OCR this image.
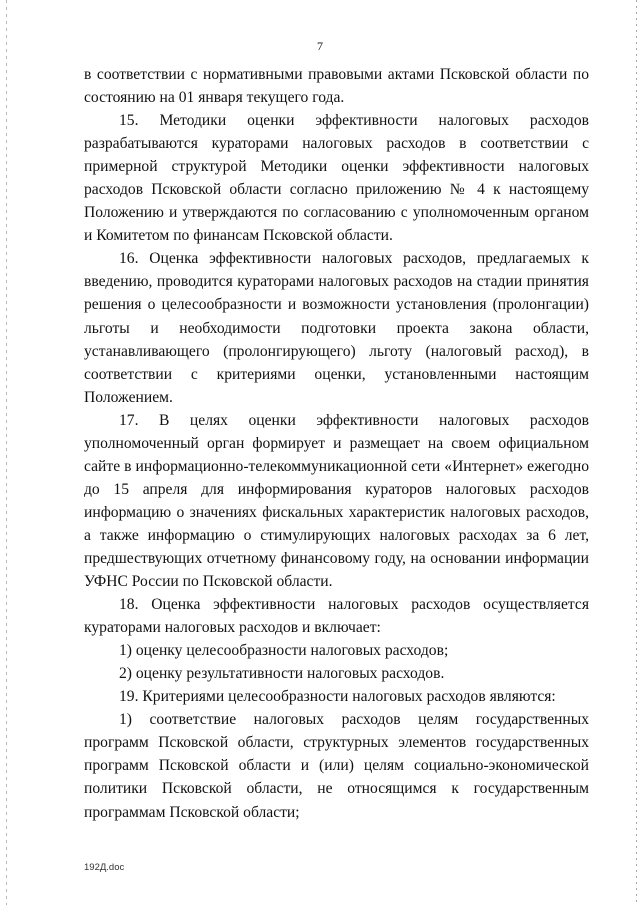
7

в соответствии с нормативными правовыми актами Псковской области по состоянию на 01 января текущего года.

15. Методики оценки эффективности налоговых расходов разрабатываются кураторами налоговых расходов в соответствии с примерной структурой Методики оценки эффективности налоговых расходов Псковской области согласно приложению № 4 к настоящему Положению и утверждаются по согласованию с уполномоченным органом и Комитетом по финансам Псковской области.

16. Оценка эффективности налоговых расходов, предлагаемых к введению, проводится кураторами налоговых расходов на стадии принятия решения о целесообразности и возможности установления (пролонгации) льготы и необходимости подготовки проекта закона области, устанавливающего (пролонгирующего) льготу (налоговый расход), в соответствии с критериями оценки, установленными настоящим Положением.

17. В целях оценки эффективности налоговых расходов уполномоченный орган формирует и размещает на своем официальном сайте в информационно-телекоммуникационной сети «Интернет» ежегодно до 15 апреля для информирования кураторов налоговых расходов информацию о значениях фискальных характеристик налоговых расходов, а также информацию о стимулирующих налоговых расходах за 6 лет, предшествующих отчетному финансовому году, на основании информации УФНС России по Псковской области.

18. Оценка эффективности налоговых расходов осуществляется кураторами налоговых расходов и включает:

1) оценку целесообразности налоговых расходов;

2) оценку результативности налоговых расходов.

19. Критериями целесообразности налоговых расходов являются:

1) соответствие налоговых расходов целям государственных программ Псковской области, структурных элементов государственных программ Псковской области и (или) целям социально-экономической политики Псковской области, не относящимся к государственным программам Псковской области;

192Д.doc
